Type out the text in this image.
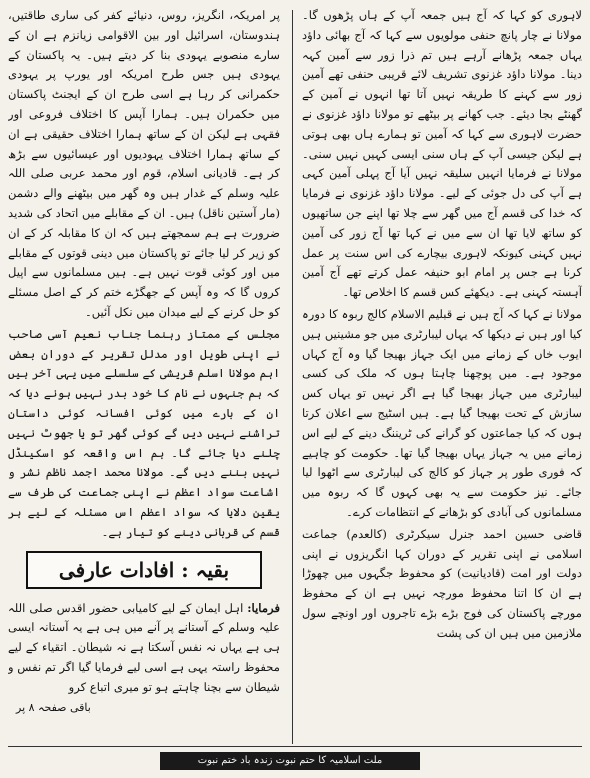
لاہوری کو کہا کہ آج ہیں جمعہ آپ کے ہاں پڑھوں گا۔ مولانا نے چار پانچ حنفی مولویوں سے کہا کہ آج بھائی داؤد یہاں جمعہ پڑھانے آرہے ہیں تم ذرا زور سے آمین کہہ دینا۔ مولانا داؤد غزنوی تشریف لائے قریبی حنفی تھے آمین زور سے کہنے کا طریقہ نہیں آتا تھا انہوں نے آمین کے گھنٹے بجا دیئے۔ جب کھانے پر بیٹھے تو مولانا داؤد غزنوی نے حضرت لاہوری سے کہا کہ آمین تو ہمارے ہاں بھی ہوتی ہے لیکن جیسی آپ کے ہاں سنی ایسی کہیں نہیں سنی۔ مولانا نے فرمایا انہیں سلیقہ نہیں آیا آج پہلی آمین کہی ہے آپ کی دل جوئی کے لیے۔ مولانا داؤد غزنوی نے فرمایا کہ خدا کی قسم آج میں گھر سے چلا تھا اپنے جن ساتھیوں کو ساتھ لایا تھا ان سے میں نے کہا تھا آج زور کی آمین نہیں کہنی کیونکہ لاہوری بیچارے کی اس سنت پر عمل کرنا ہے جس پر امام ابو حنیفہ عمل کرتے تھے آج آمین آہستہ کہنی ہے۔ دیکھئے کس قسم کا اخلاص تھا۔

مولانا نے کہا کہ آج ہیں نے قبلیم الاسلام کالج ربوہ کا دورہ کیا اور ہیں نے دیکھا کہ یہاں لیبارٹری میں جو مشینیں ہیں ایوب خاں کے زمانے میں ایک جہاز بھیجا گیا وہ آج کہاں موجود ہے۔ میں پوچھنا چاہتا ہوں کہ ملک کی کسی لیبارٹری میں جہاز بھیجا گیا ہے اگر نہیں تو یہاں کس سازش کے تحت بھیجا گیا ہے۔ ہیں اسٹیج سے اعلان کرتا ہوں کہ کیا جماعتوں کو گرانے کی ٹریننگ دینے کے لیے اس زمانے میں یہ جہاز یہاں بھیجا گیا تھا۔ حکومت کو چاہیے کہ فوری طور پر جہاز کو کالج کی لیبارٹری سے اٹھوا لیا جائے۔ نیز حکومت سے یہ بھی کہوں گا کہ ربوہ میں مسلمانوں کی آبادی کو بڑھانے کے انتظامات کرے۔

قاضی حسین احمد جنرل سیکرٹری (کالعدم) جماعت اسلامی نے اپنی تقریر کے دوران کہا انگریزوں نے اپنی دولت اور امت (قادیانیت) کو محفوظ جگہوں میں چھوڑا ہے ان کا اتنا محفوظ مورچہ نہیں ہے ان کے محفوظ مورچے پاکستان کی فوج بڑے بڑے تاجروں اور اونچے سول ملازمین میں ہیں ان کی پشت

پر امریکہ، انگریز، روس، دنیائے کفر کی ساری طاقتیں، ہندوستان، اسرائیل اور بین الاقوامی زیانزم ہے ان کے سارے منصوبے یہودی بنا کر دیتے ہیں۔ یہ پاکستان کے یہودی ہیں جس طرح امریکہ اور یورپ پر یہودی حکمرانی کر رہا ہے اسی طرح ان کے ایجنٹ پاکستان میں حکمران ہیں۔ ہمارا آپس کا اختلاف فروعی اور فقہی ہے لیکن ان کے ساتھ ہمارا اختلاف حقیقی ہے ان کے ساتھ ہمارا اختلاف یہودیوں اور عیسائیوں سے بڑھ کر ہے۔ قادیانی اسلام، قوم اور محمد عربی صلی اللہ علیہ وسلم کے غدار ہیں وہ گھر میں بیٹھنے والے دشمن (مار آستین ناقل) ہیں۔ ان کے مقابلے میں اتحاد کی شدید ضرورت ہے ہم سمجھتے ہیں کہ ان کا مقابلہ کر کے ان کو زیر کر لیا جائے تو پاکستان میں دینی قوتوں کے مقابلے میں اور کوئی قوت نہیں ہے۔ ہیں مسلمانوں سے اپیل کروں گا کہ وہ آپس کے جھگڑے ختم کر کے اصل مسئلے کو حل کرنے کے لیے میدان میں نکل آئیں۔

مجلس کے ممتاز رہنما جناب نعیم آسی صاحب نے اپنی طویل اور مدلل تقریر کے دوران بعض اہم مولانا اسلم قریشی کے سلسلے میں یہی آخر ہیں کہ ہم جنہوں نے نام کا خود بدر نہیں ہونے دیا کہ ان کے بارے میں کوئی افسانہ کوئی داستان تراشنے نہیں دیں گے کوئی گھر تو یا جھوٹ نہیں چلنے دیا جائے گا۔ ہم اس واقعہ کو اسکینڈل نہیں بننے دیں گے۔ مولانا محمد اجمد ناظم نشر و اشاعت سواد اعظم نے اپنی جماعت کی طرف سے یقین دلایا کہ سواد اعظم اس مسئلہ کے لیے ہر قسم کی قربانی دینے کو تیار ہے۔

بقیہ : افادات عارفی

فرمایا: اہل ایمان کے لیے کامیابی حضور اقدس صلی اللہ علیہ وسلم کے آستانے پر آنے میں ہی ہے یہ آستانہ ایسی ہی ہے یہاں نہ نفس آسکتا ہے نہ شیطان۔ اتقیاء کے لیے محفوظ راستہ یہی ہے اسی لیے فرمایا گیا اگر تم نفس و شیطان سے بچنا چاہتے ہو تو میری اتباع کرو

باقی صفحہ ۸ پر
ملت اسلامیہ کا حتم نبوت زندہ باد ختم نبوت
